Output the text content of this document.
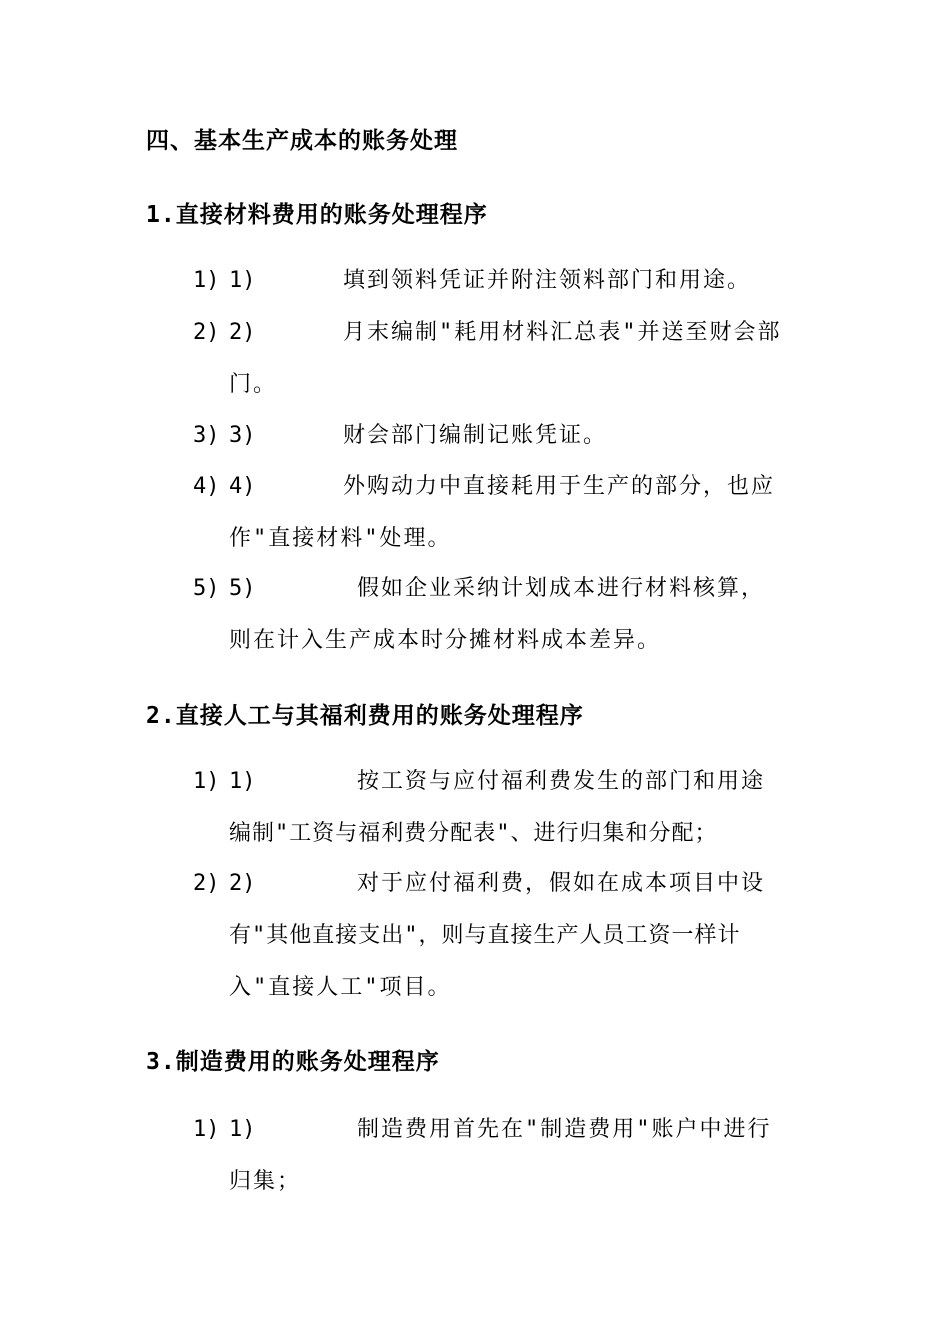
四、基本生产成本的账务处理
1.直接材料费用的账务处理程序
1) 1)	填到领料凭证并附注领料部门和用途。
2) 2)	月末编制"耗用材料汇总表"并送至财会部
门。
3) 3)	财会部门编制记账凭证。
4) 4)	外购动力中直接耗用于生产的部分，也应
作"直接材料"处理。
5) 5)	假如企业采纳计划成本进行材料核算，
则在计入生产成本时分摊材料成本差异。
2.直接人工与其福利费用的账务处理程序
1) 1)	按工资与应付福利费发生的部门和用途
编制"工资与福利费分配表"、进行归集和分配；
2) 2)	对于应付福利费，假如在成本项目中设
有"其他直接支出"，则与直接生产人员工资一样计
入"直接人工"项目。
3.制造费用的账务处理程序
1) 1)	制造费用首先在"制造费用"账户中进行
归集；
